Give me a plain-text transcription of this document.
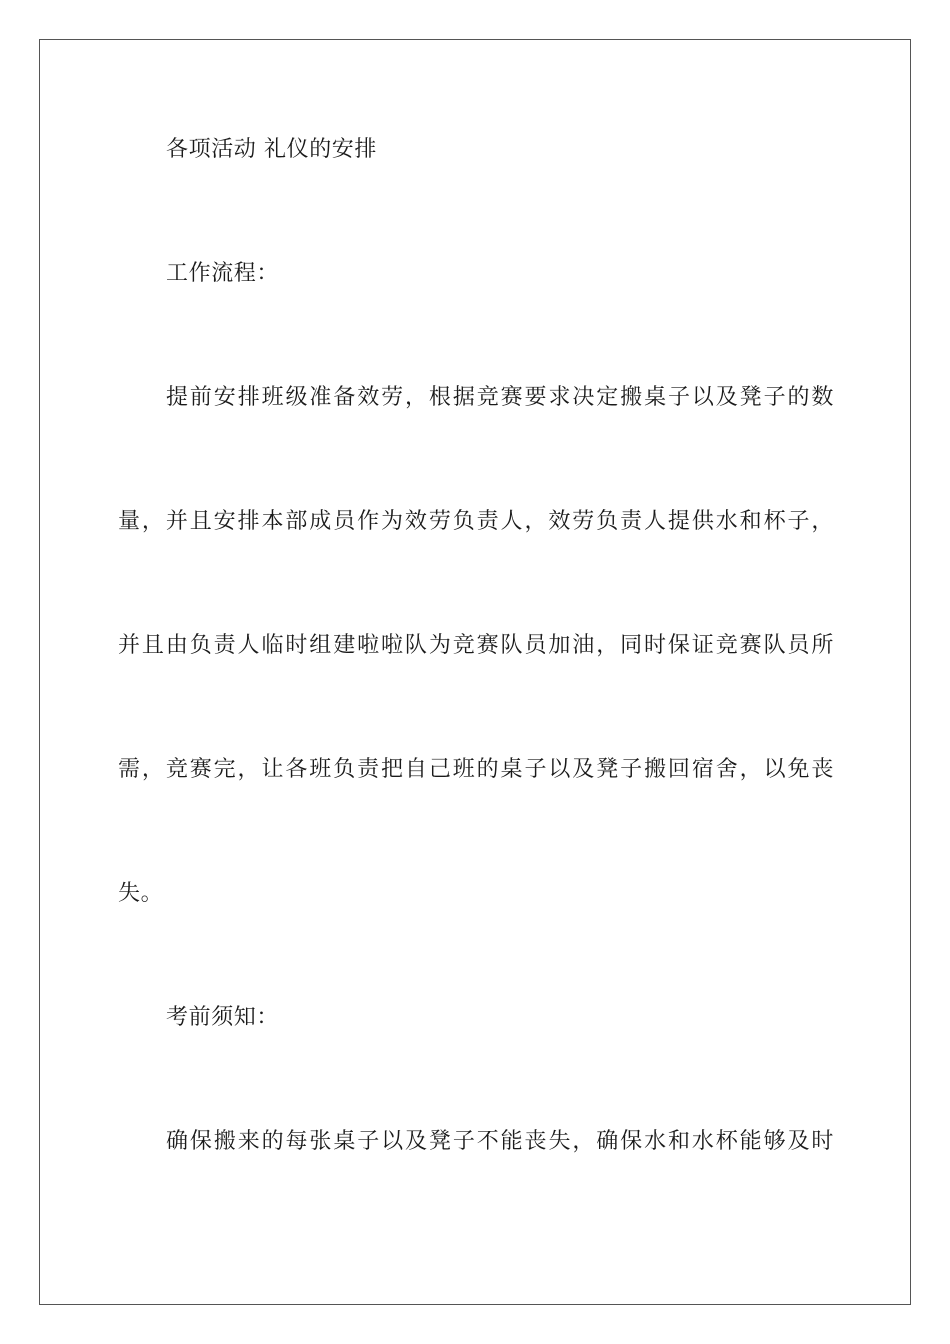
各项活动 礼仪的安排
工作流程：
提前安排班级准备效劳，根据竞赛要求决定搬桌子以及凳子的数
量，并且安排本部成员作为效劳负责人，效劳负责人提供水和杯子，
并且由负责人临时组建啦啦队为竞赛队员加油，同时保证竞赛队员所
需，竞赛完，让各班负责把自己班的桌子以及凳子搬回宿舍，以免丧
失。
考前须知：
确保搬来的每张桌子以及凳子不能丧失，确保水和水杯能够及时
